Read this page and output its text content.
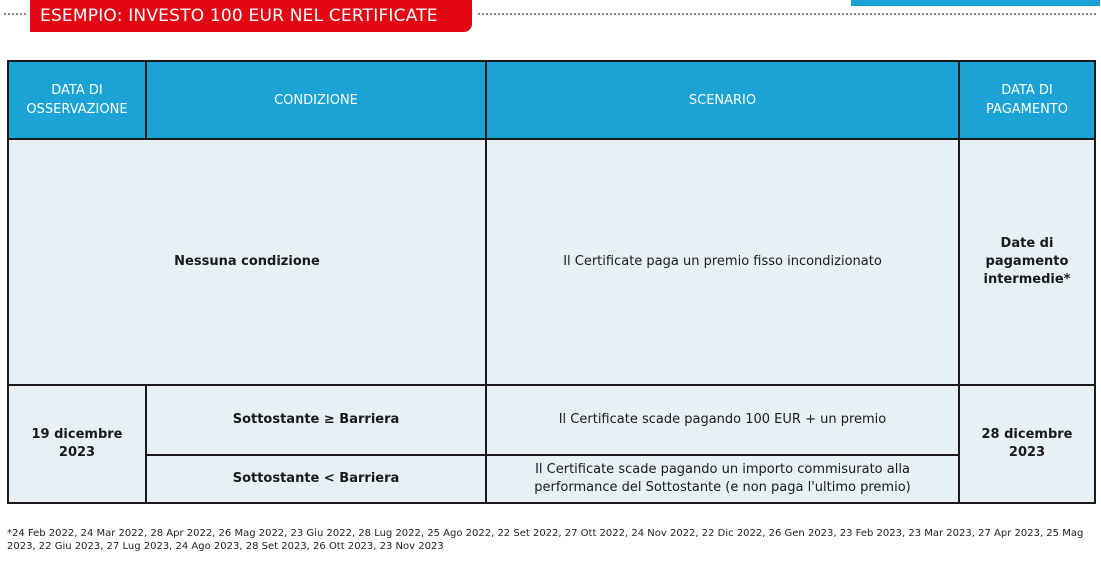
ESEMPIO: INVESTO 100 EUR NEL CERTIFICATE
DATA DI
OSSERVAZIONE	CONDIZIONE	SCENARIO	DATA DI
PAGAMENTO
Nessuna condizione		Il Certificate paga un premio fisso incondizionato	Date di
pagamento
intermedie*
19 dicembre
2023	Sottostante ≥ Barriera	Il Certificate scade pagando 100 EUR + un premio	28 dicembre
2023
	Sottostante < Barriera	Il Certificate scade pagando un importo commisurato alla
performance del Sottostante (e non paga l'ultimo premio)	
*24 Feb 2022, 24 Mar 2022, 28 Apr 2022, 26 Mag 2022, 23 Giu 2022, 28 Lug 2022, 25 Ago 2022, 22 Set 2022, 27 Ott 2022, 24 Nov 2022, 22 Dic 2022, 26 Gen 2023, 23 Feb 2023, 23 Mar 2023, 27 Apr 2023, 25 Mag 2023, 22 Giu 2023, 27 Lug 2023, 24 Ago 2023, 28 Set 2023, 26 Ott 2023, 23 Nov 2023
